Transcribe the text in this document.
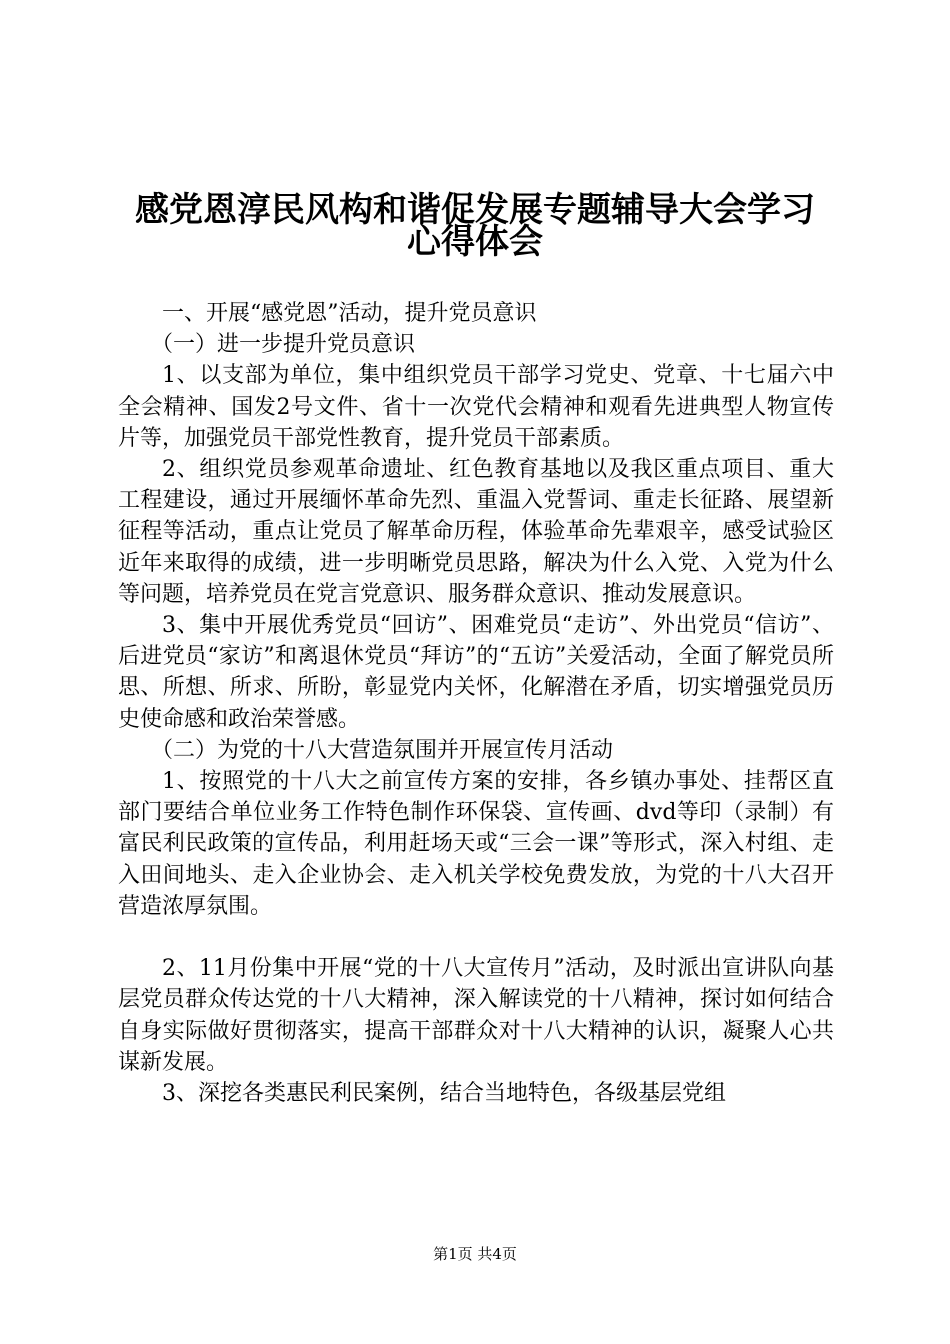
感党恩淳民风构和谐促发展专题辅导大会学习
心得体会

一、开展“感党恩”活动，提升党员意识

（一）进一步提升党员意识

1、以支部为单位，集中组织党员干部学习党史、党章、十七届六中全会精神、国发2号文件、省十一次党代会精神和观看先进典型人物宣传片等，加强党员干部党性教育，提升党员干部素质。

2、组织党员参观革命遗址、红色教育基地以及我区重点项目、重大工程建设，通过开展缅怀革命先烈、重温入党誓词、重走长征路、展望新征程等活动，重点让党员了解革命历程，体验革命先辈艰辛，感受试验区近年来取得的成绩，进一步明晰党员思路，解决为什么入党、入党为什么等问题，培养党员在党言党意识、服务群众意识、推动发展意识。

3、集中开展优秀党员“回访”、困难党员“走访”、外出党员“信访”、后进党员“家访”和离退休党员“拜访”的“五访”关爱活动，全面了解党员所思、所想、所求、所盼，彰显党内关怀，化解潜在矛盾，切实增强党员历史使命感和政治荣誉感。

（二）为党的十八大营造氛围并开展宣传月活动

1、按照党的十八大之前宣传方案的安排，各乡镇办事处、挂帮区直部门要结合单位业务工作特色制作环保袋、宣传画、dvd等印（录制）有富民利民政策的宣传品，利用赶场天或“三会一课”等形式，深入村组、走入田间地头、走入企业协会、走入机关学校免费发放，为党的十八大召开营造浓厚氛围。

2、11月份集中开展“党的十八大宣传月”活动，及时派出宣讲队向基层党员群众传达党的十八大精神，深入解读党的十八精神，探讨如何结合自身实际做好贯彻落实，提高干部群众对十八大精神的认识，凝聚人心共谋新发展。

3、深挖各类惠民利民案例，结合当地特色，各级基层党组

第1页 共4页
